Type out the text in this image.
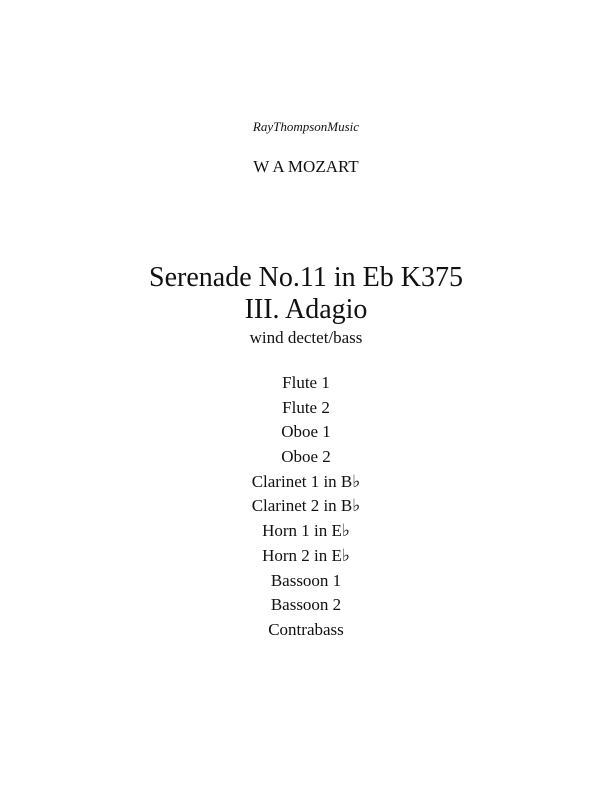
RayThompsonMusic
W A MOZART
Serenade No.11 in Eb K375
III. Adagio
wind dectet/bass
Flute 1
Flute 2
Oboe 1
Oboe 2
Clarinet 1 in B♭
Clarinet 2 in B♭
Horn 1 in E♭
Horn 2 in E♭
Bassoon 1
Bassoon 2
Contrabass
